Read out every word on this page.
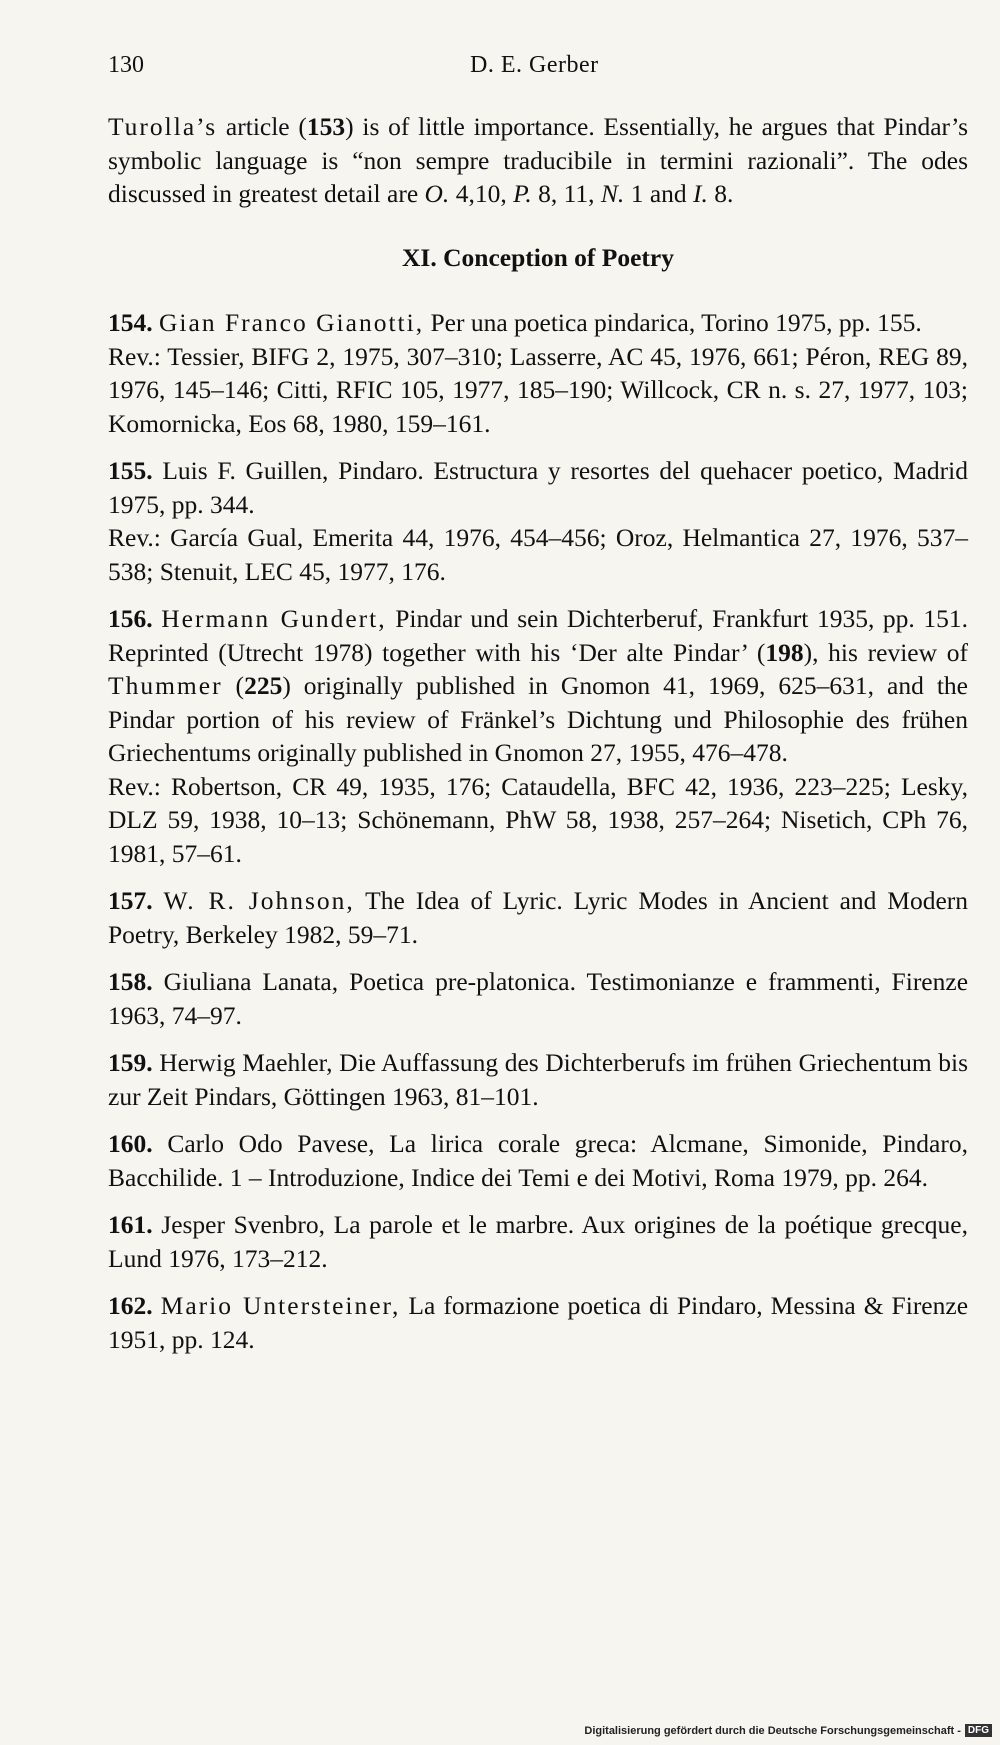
130	D. E. Gerber

Turolla’s article (153) is of little importance. Essentially, he argues that Pindar’s symbolic language is “non sempre traducibile in termini razionali”. The odes discussed in greatest detail are O. 4,10, P. 8, 11, N. 1 and I. 8.

XI. Conception of Poetry
154. Gian Franco Gianotti, Per una poetica pindarica, Torino 1975, pp. 155.
Rev.: Tessier, BIFG 2, 1975, 307–310; Lasserre, AC 45, 1976, 661; Péron, REG 89, 1976, 145–146; Citti, RFIC 105, 1977, 185–190; Willcock, CR n. s. 27, 1977, 103; Komornicka, Eos 68, 1980, 159–161.
155. Luis F. Guillen, Pindaro. Estructura y resortes del quehacer poetico, Madrid 1975, pp. 344.
Rev.: García Gual, Emerita 44, 1976, 454–456; Oroz, Helmantica 27, 1976, 537–538; Stenuit, LEC 45, 1977, 176.
156. Hermann Gundert, Pindar und sein Dichterberuf, Frankfurt 1935, pp. 151. Reprinted (Utrecht 1978) together with his ‘Der alte Pindar’ (198), his review of Thummer (225) originally published in Gnomon 41, 1969, 625–631, and the Pindar portion of his review of Fränkel’s Dichtung und Philosophie des frühen Griechentums originally published in Gnomon 27, 1955, 476–478.
Rev.: Robertson, CR 49, 1935, 176; Cataudella, BFC 42, 1936, 223–225; Lesky, DLZ 59, 1938, 10–13; Schönemann, PhW 58, 1938, 257–264; Nisetich, CPh 76, 1981, 57–61.
157. W. R. Johnson, The Idea of Lyric. Lyric Modes in Ancient and Modern Poetry, Berkeley 1982, 59–71.
158. Giuliana Lanata, Poetica pre-platonica. Testimonianze e frammenti, Firenze 1963, 74–97.
159. Herwig Maehler, Die Auffassung des Dichterberufs im frühen Griechentum bis zur Zeit Pindars, Göttingen 1963, 81–101.
160. Carlo Odo Pavese, La lirica corale greca: Alcmane, Simonide, Pindaro, Bacchilide. 1 – Introduzione, Indice dei Temi e dei Motivi, Roma 1979, pp. 264.
161. Jesper Svenbro, La parole et le marbre. Aux origines de la poétique grecque, Lund 1976, 173–212.
162. Mario Untersteiner, La formazione poetica di Pindaro, Messina & Firenze 1951, pp. 124.
Digitalisierung gefördert durch die Deutsche Forschungsgemeinschaft - DFG
